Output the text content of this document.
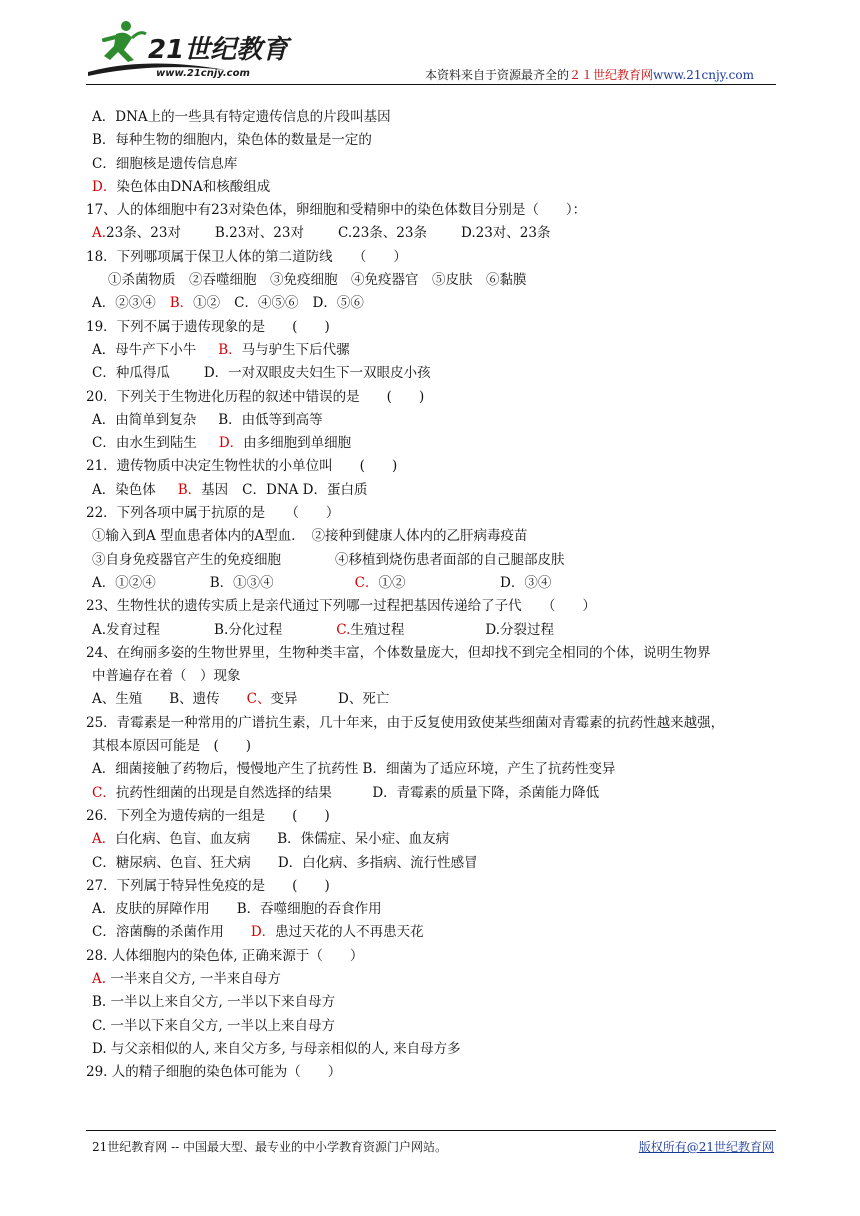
21世纪教育
www.21cnjy.com	本资料来自于资源最齐全的２１世纪教育网www.21cnjy.com
A．DNA上的一些具有特定遗传信息的片段叫基因
B．每种生物的细胞内，染色体的数量是一定的
C．细胞核是遗传信息库
D．染色体由DNA和核酸组成
17、人的体细胞中有23对染色体，卵细胞和受精卵中的染色体数目分别是（　　）：
A.23条、23对	B.23对、23对	C.23条、23条	D.23对、23条
18．下列哪项属于保卫人体的第二道防线　　（　　）
①杀菌物质　②吞噬细胞　③免疫细胞　④免疫器官　⑤皮肤　⑥黏膜
A．②③④ B．①② C．④⑤⑥ D．⑤⑥
19．下列不属于遗传现象的是　　(　　)
A．母牛产下小牛 B．马与驴生下后代骡
C．种瓜得瓜	D．一对双眼皮夫妇生下一双眼皮小孩
20．下列关于生物进化历程的叙述中错误的是　　(　　)
A．由简单到复杂 B．由低等到高等
C．由水生到陆生 D．由多细胞到单细胞
21．遗传物质中决定生物性状的小单位叫　　(　　)
A．染色体 B．基因 C．DNA D．蛋白质
22．下列各项中属于抗原的是　　（　　）
①输入到A 型血患者体内的A型血．　②接种到健康人体内的乙肝病毒疫苗
③自身免疫器官产生的免疫细胞　　　　④移植到烧伤患者面部的自己腿部皮肤
A．①②④　　　　B．①③④　　　　　　C．①②　　　　　　　D．③④
23、生物性状的遗传实质上是亲代通过下列哪一过程把基因传递给了子代　　（　　）
A.发育过程　　　　B.分化过程　　　　C.生殖过程　　　　　　D.分裂过程
24、在绚丽多姿的生物世界里，生物种类丰富，个体数量庞大，但却找不到完全相同的个体，说明生物界
中普遍存在着（　）现象
A、生殖　　B、遗传　　C、变异　　　D、死亡
25．青霉素是一种常用的广谱抗生素，几十年来，由于反复使用致使某些细菌对青霉素的抗药性越来越强，
其根本原因可能是　(　　)
A．细菌接触了药物后，慢慢地产生了抗药性 B．细菌为了适应环境，产生了抗药性变异
C．抗药性细菌的出现是自然选择的结果　　　D．青霉素的质量下降，杀菌能力降低
26．下列全为遗传病的一组是　　(　　)
A．白化病、色盲、血友病　　B．侏儒症、呆小症、血友病
C．糖尿病、色盲、狂犬病　　D．白化病、多指病、流行性感冒
27．下列属于特异性免疫的是　　(　　)
A．皮肤的屏障作用　　B．吞噬细胞的吞食作用
C．溶菌酶的杀菌作用　　D．患过天花的人不再患天花
28. 人体细胞内的染色体, 正确来源于（　　）
A. 一半来自父方, 一半来自母方
B. 一半以上来自父方, 一半以下来自母方
C. 一半以下来自父方, 一半以上来自母方
D. 与父亲相似的人, 来自父方多, 与母亲相似的人, 来自母方多
29. 人的精子细胞的染色体可能为（　　）
21世纪教育网 -- 中国最大型、最专业的中小学教育资源门户网站。	版权所有@21世纪教育网
